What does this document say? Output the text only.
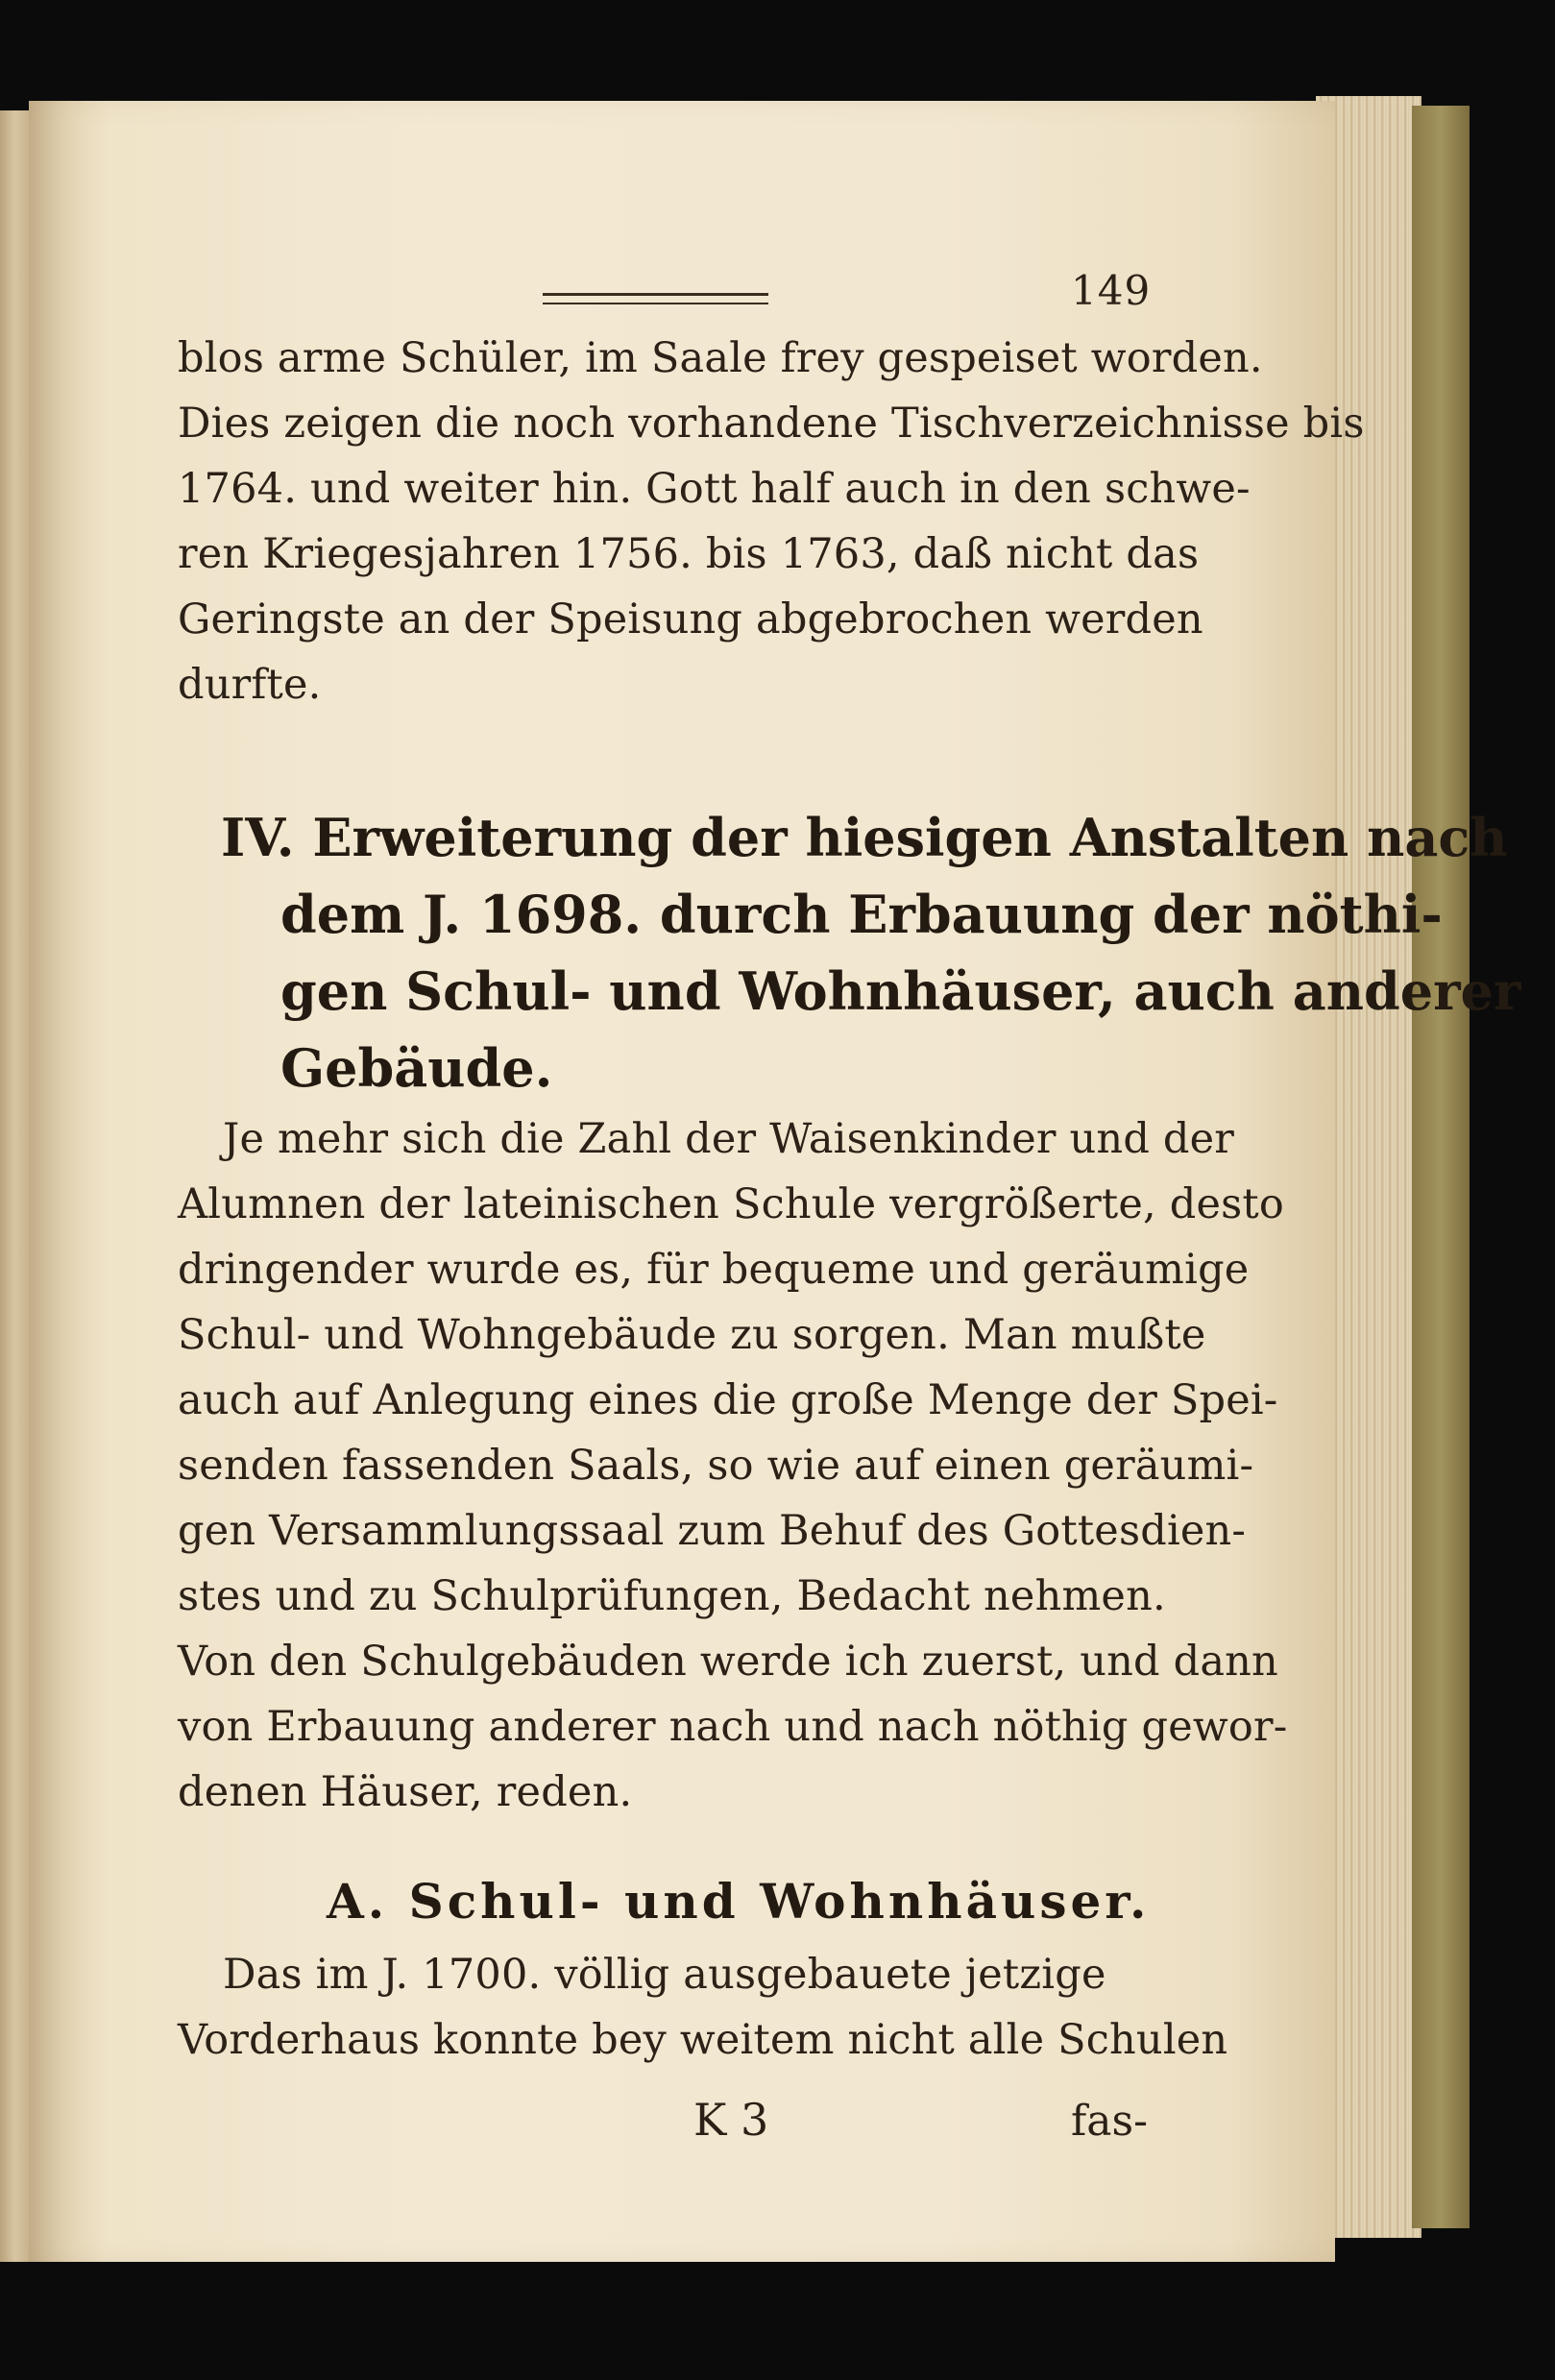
149
blos arme Schüler, im Saale frey gespeiset worden.
Dies zeigen die noch vorhandene Tischverzeichnisse bis
1764. und weiter hin. Gott half auch in den schwe-
ren Kriegesjahren 1756. bis 1763, daß nicht das
Geringste an der Speisung abgebrochen werden
durfte.
IV. Erweiterung der hiesigen Anstalten nach
dem J. 1698. durch Erbauung der nöthi-
gen Schul- und Wohnhäuser, auch anderer
Gebäude.
Je mehr sich die Zahl der Waisenkinder und der
Alumnen der lateinischen Schule vergrößerte, desto
dringender wurde es, für bequeme und geräumige
Schul- und Wohngebäude zu sorgen. Man mußte
auch auf Anlegung eines die große Menge der Spei-
senden fassenden Saals, so wie auf einen geräumi-
gen Versammlungssaal zum Behuf des Gottesdien-
stes und zu Schulprüfungen, Bedacht nehmen.
Von den Schulgebäuden werde ich zuerst, und dann
von Erbauung anderer nach und nach nöthig gewor-
denen Häuser, reden.
A. Schul- und Wohnhäuser.
Das im J. 1700. völlig ausgebauete jetzige
Vorderhaus konnte bey weitem nicht alle Schulen
K 3	fas-
